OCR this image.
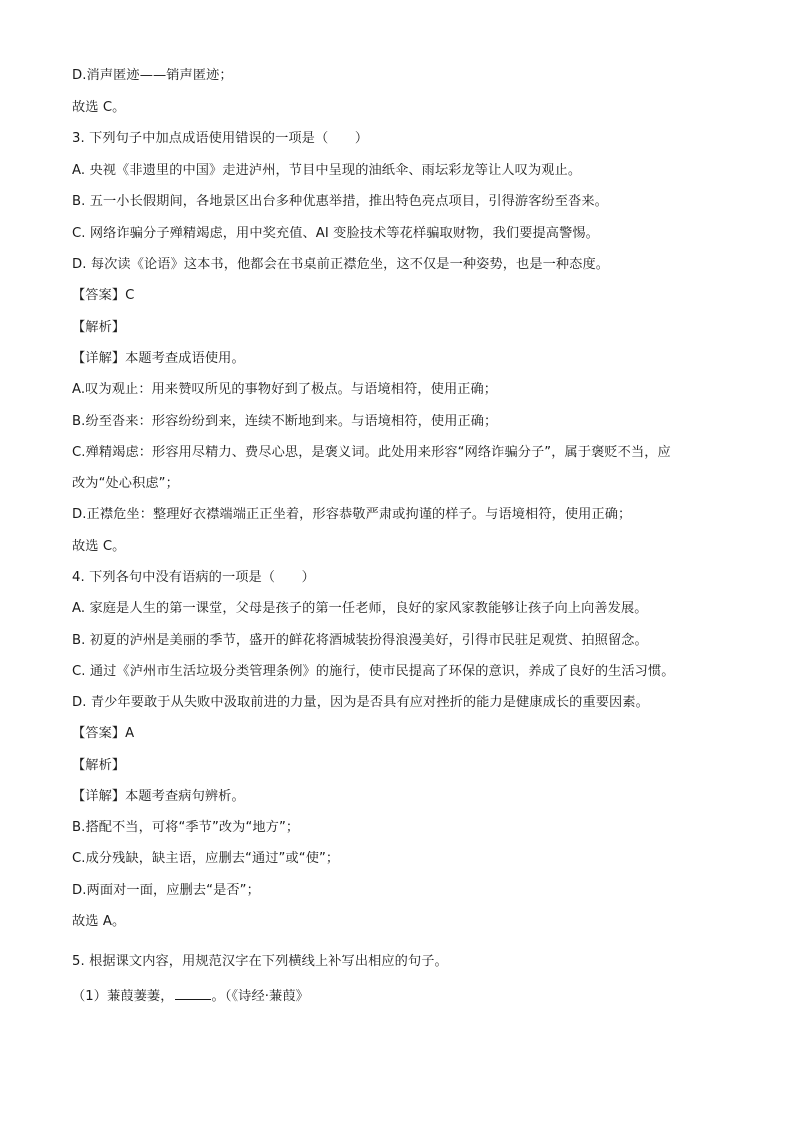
D.消声匿迹——销声匿迹；
故选 C。
3. 下列句子中加点成语使用错误的一项是（　　）
A. 央视《非遗里的中国》走进泸州，节目中呈现的油纸伞、雨坛彩龙等让人叹为观止。
B. 五一小长假期间，各地景区出台多种优惠举措，推出特色亮点项目，引得游客纷至沓来。
C. 网络诈骗分子殚精竭虑，用中奖充值、AI 变脸技术等花样骗取财物，我们要提高警惕。
D. 每次读《论语》这本书，他都会在书桌前正襟危坐，这不仅是一种姿势，也是一种态度。
【答案】C
【解析】
【详解】本题考查成语使用。
A.叹为观止：用来赞叹所见的事物好到了极点。与语境相符，使用正确；
B.纷至沓来：形容纷纷到来，连续不断地到来。与语境相符，使用正确；
C.殚精竭虑：形容用尽精力、费尽心思，是褒义词。此处用来形容“网络诈骗分子”，属于褒贬不当，应
改为“处心积虑”；
D.正襟危坐：整理好衣襟端端正正坐着，形容恭敬严肃或拘谨的样子。与语境相符，使用正确；
故选 C。
4. 下列各句中没有语病的一项是（　　）
A. 家庭是人生的第一课堂，父母是孩子的第一任老师，良好的家风家教能够让孩子向上向善发展。
B. 初夏的泸州是美丽的季节，盛开的鲜花将酒城装扮得浪漫美好，引得市民驻足观赏、拍照留念。
C. 通过《泸州市生活垃圾分类管理条例》的施行，使市民提高了环保的意识，养成了良好的生活习惯。
D. 青少年要敢于从失败中汲取前进的力量，因为是否具有应对挫折的能力是健康成长的重要因素。
【答案】A
【解析】
【详解】本题考查病句辨析。
B.搭配不当，可将“季节”改为“地方”；
C.成分残缺，缺主语，应删去“通过”或“使”；
D.两面对一面，应删去“是否”；
故选 A。
5. 根据课文内容，用规范汉字在下列横线上补写出相应的句子。
（1）蒹葭萋萋，	。（《诗经·蒹葭》
